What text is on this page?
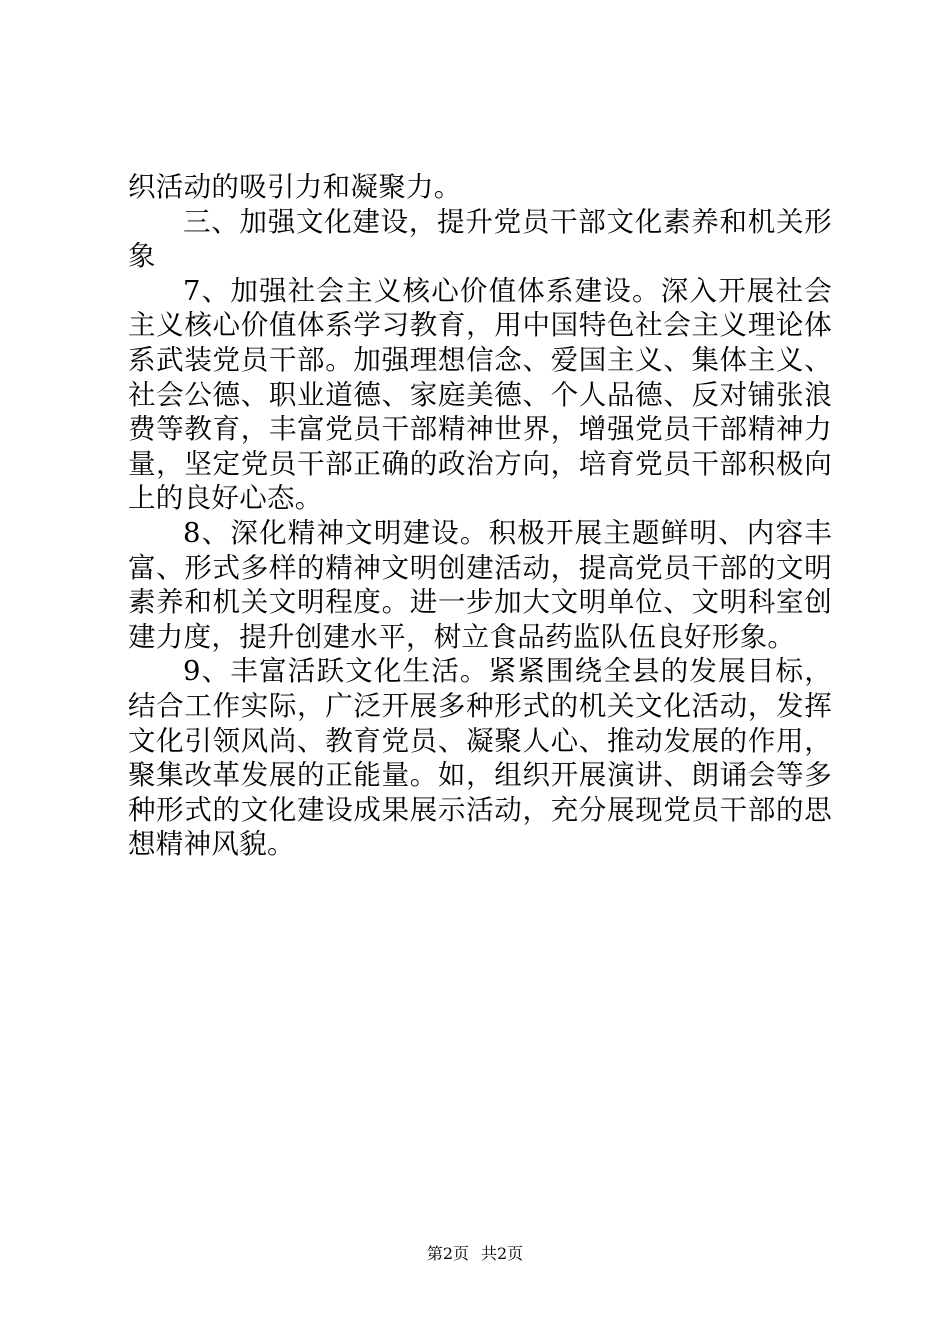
织活动的吸引力和凝聚力。

三、加强文化建设，提升党员干部文化素养和机关形象

7、加强社会主义核心价值体系建设。深入开展社会主义核心价值体系学习教育，用中国特色社会主义理论体系武装党员干部。加强理想信念、爱国主义、集体主义、社会公德、职业道德、家庭美德、个人品德、反对铺张浪费等教育，丰富党员干部精神世界，增强党员干部精神力量，坚定党员干部正确的政治方向，培育党员干部积极向上的良好心态。

8、深化精神文明建设。积极开展主题鲜明、内容丰富、形式多样的精神文明创建活动，提高党员干部的文明素养和机关文明程度。进一步加大文明单位、文明科室创建力度，提升创建水平，树立食品药监队伍良好形象。

9、丰富活跃文化生活。紧紧围绕全县的发展目标，结合工作实际，广泛开展多种形式的机关文化活动，发挥文化引领风尚、教育党员、凝聚人心、推动发展的作用，聚集改革发展的正能量。如，组织开展演讲、朗诵会等多种形式的文化建设成果展示活动，充分展现党员干部的思想精神风貌。

第2页 共2页
